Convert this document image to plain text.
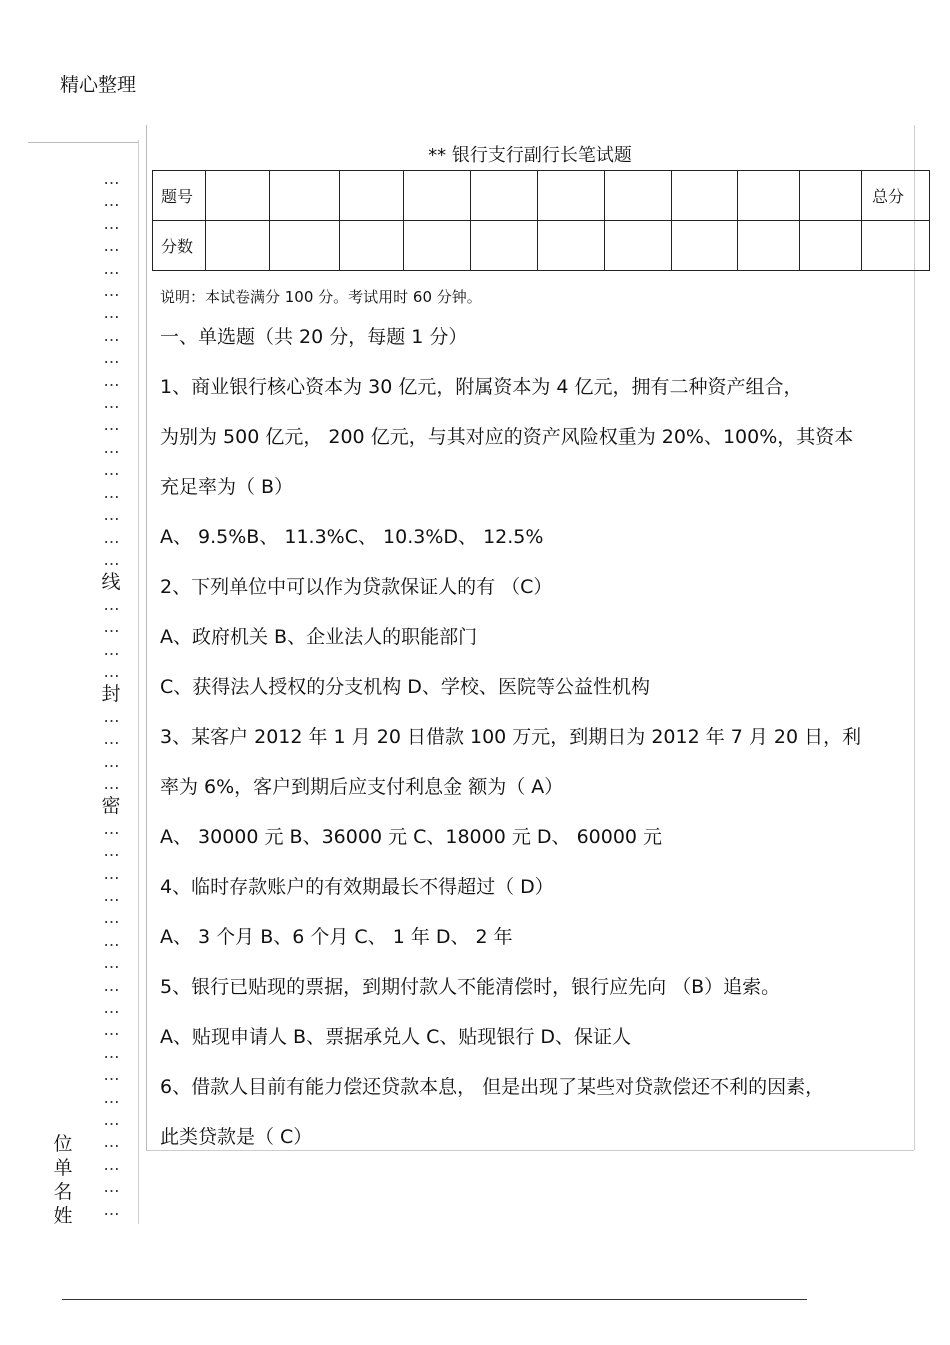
精心整理
…
…
…
…
…
…
…
…
…
…
…
…
…
…
…
…
…
…
线
…
…
…
…
封
…
…
…
…
密
…
…
…
…
…
…
…
…
…
…
…
…
…
…
…
…
…
…
位
单
名
姓
** 银行支行副行长笔试题
题号											总分
分数											
说明：本试卷满分 100 分。考试用时 60 分钟。
一、单选题（共 20 分，每题 1 分）
1、商业银行核心资本为 30 亿元，附属资本为 4 亿元，拥有二种资产组合，
为别为 500 亿元， 200 亿元，与其对应的资产风险权重为 20%、100%，其资本
充足率为（ B）
A、 9.5%B、 11.3%C、 10.3%D、 12.5%
2、下列单位中可以作为贷款保证人的有 （C）
A、政府机关 B、企业法人的职能部门
C、获得法人授权的分支机构 D、学校、医院等公益性机构
3、某客户 2012 年 1 月 20 日借款 100 万元，到期日为 2012 年 7 月 20 日，利
率为 6%，客户到期后应支付利息金 额为（ A）
A、 30000 元 B、36000 元 C、18000 元 D、 60000 元
4、临时存款账户的有效期最长不得超过（ D）
A、 3 个月 B、6 个月 C、 1 年 D、 2 年
5、银行已贴现的票据，到期付款人不能清偿时，银行应先向 （B）追索。
A、贴现申请人 B、票据承兑人 C、贴现银行 D、保证人
6、借款人目前有能力偿还贷款本息， 但是出现了某些对贷款偿还不利的因素，
此类贷款是（ C）
